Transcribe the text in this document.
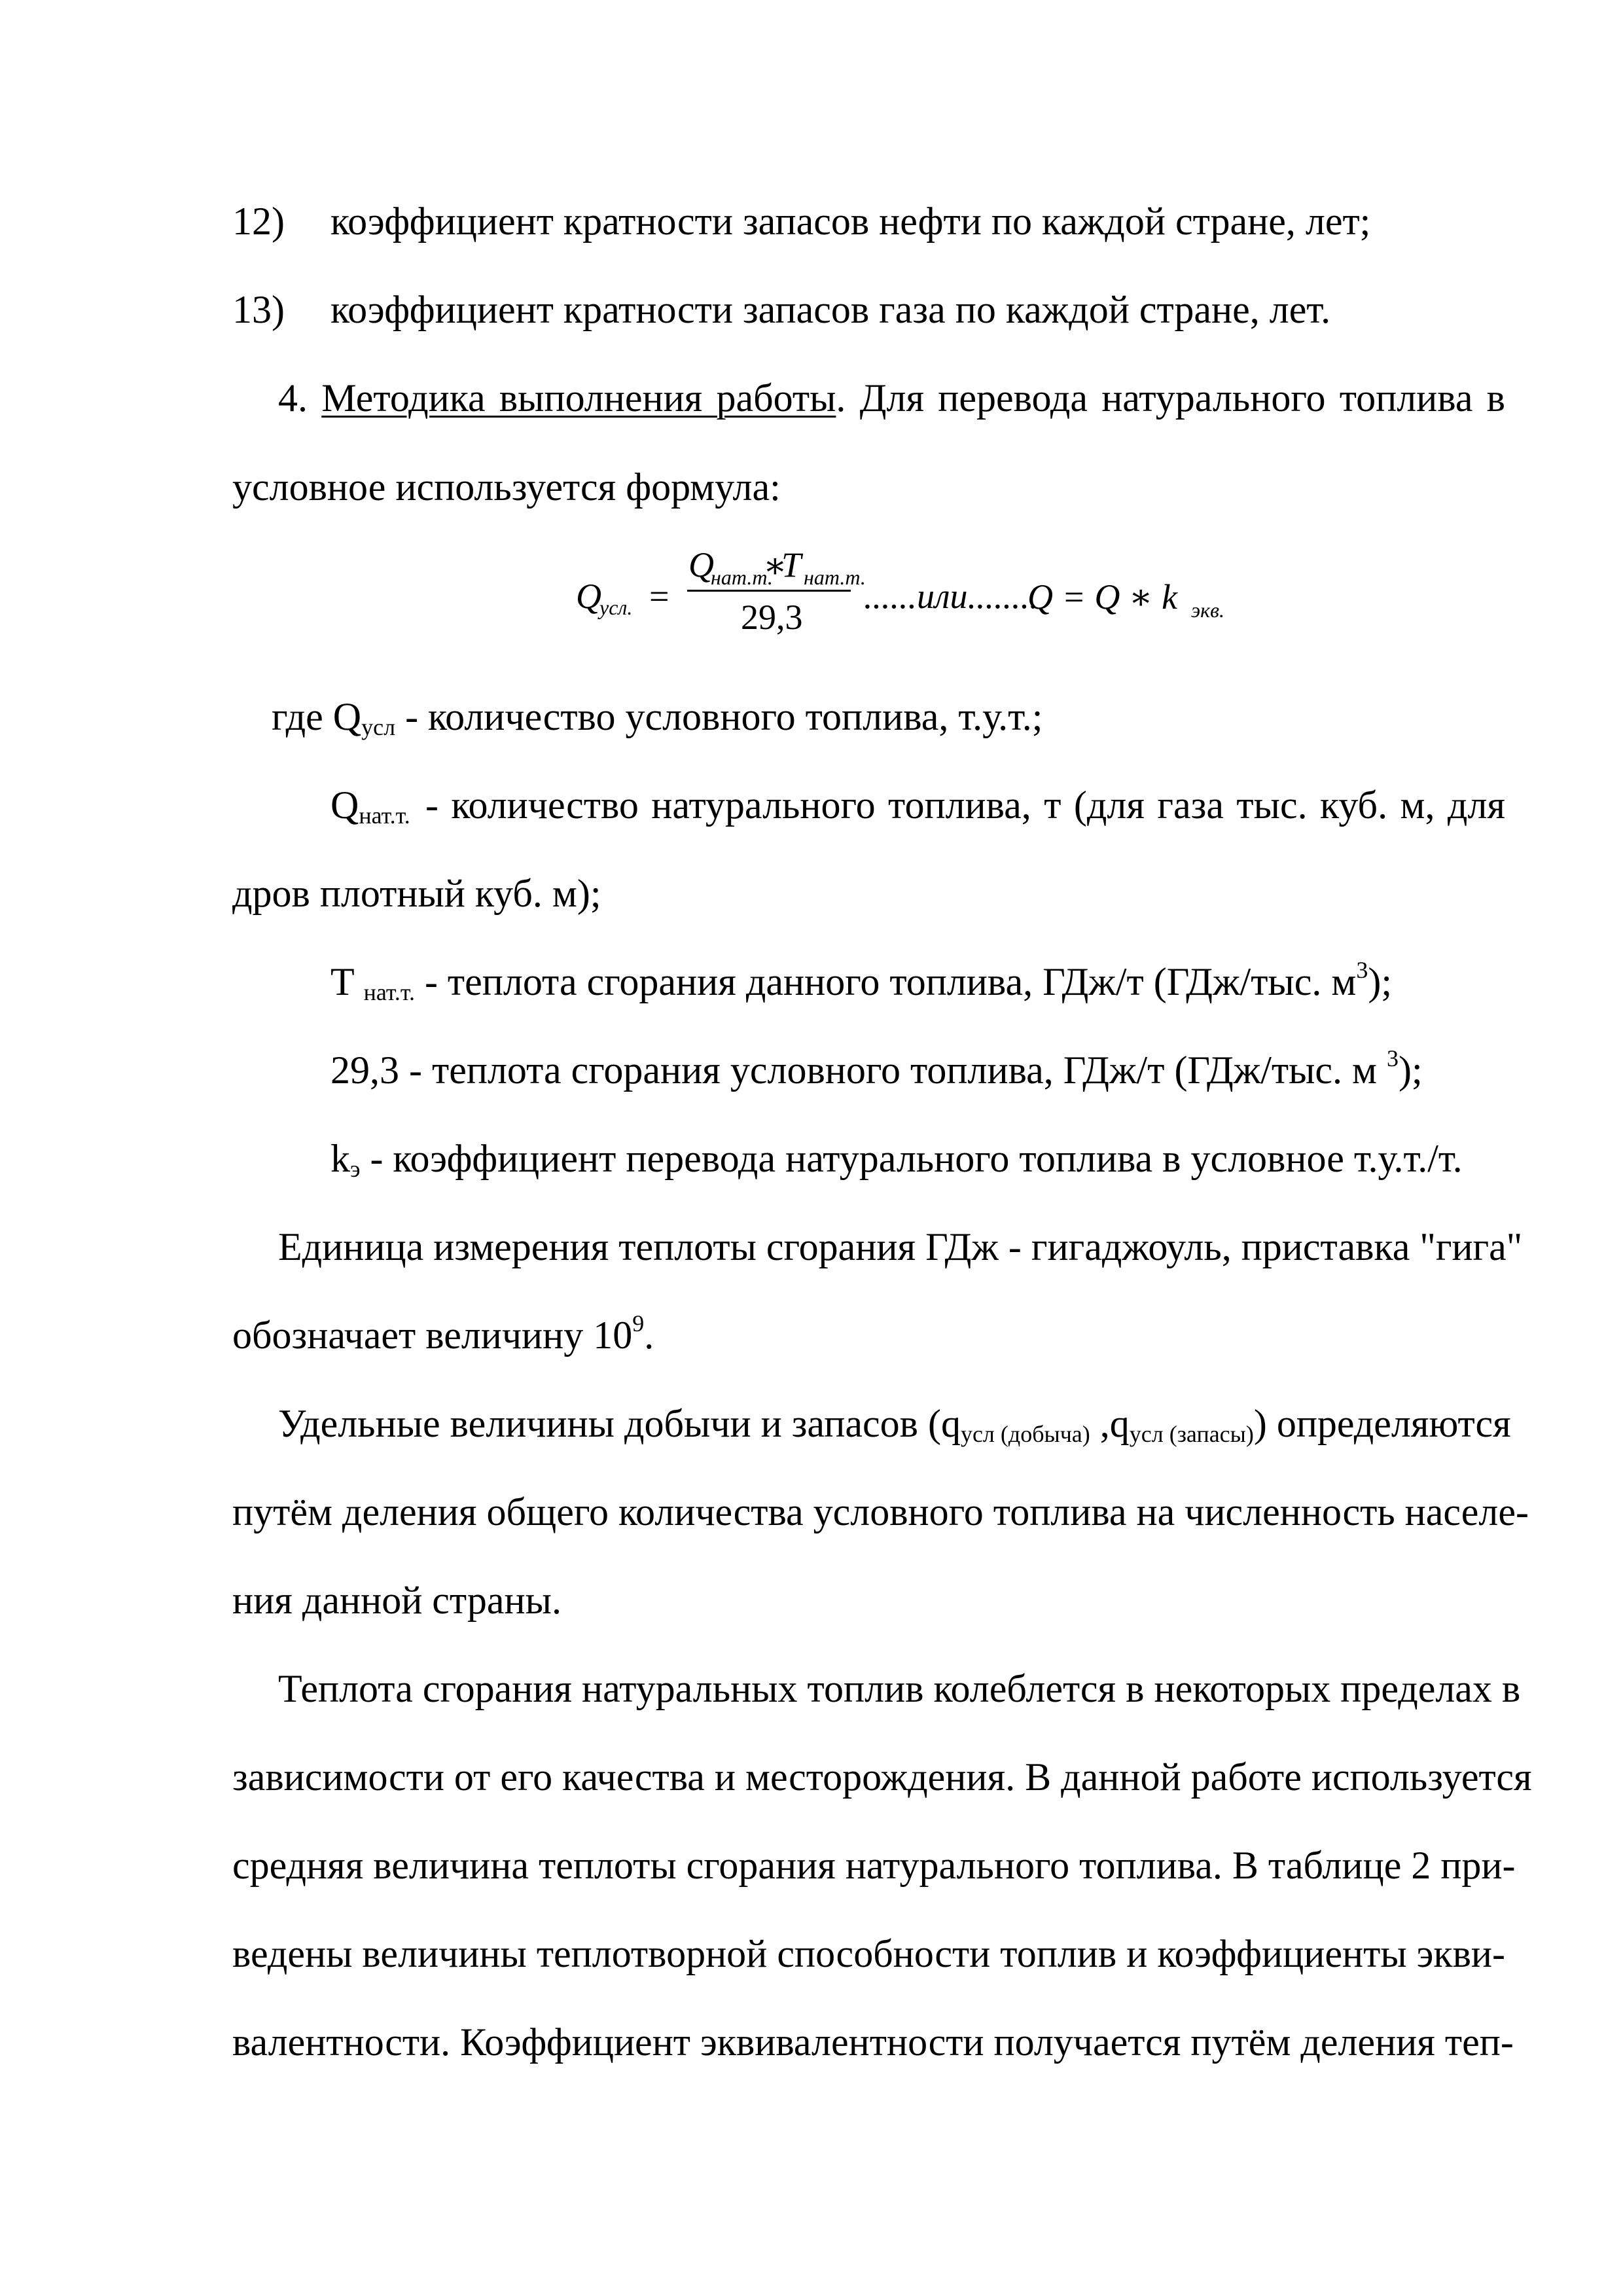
12) коэффициент кратности запасов нефти по каждой стране, лет;
13) коэффициент кратности запасов газа по каждой стране, лет.
4. Методика выполнения работы. Для перевода натурального топлива в
условное используется формула:
Q
усл. =
Q
нат.т.
∗
T нат.т.
29,3
......или........
Q = Q ∗ k экв.
где Qусл - количество условного топлива, т.у.т.;
Qнат.т. - количество натурального топлива, т (для газа тыс. куб. м, для
дров плотный куб. м);
T нат.т. - теплота сгорания данного топлива, ГДж/т (ГДж/тыс. $м^3$);
29,3 - теплота сгорания условного топлива, ГДж/т (ГДж/тыс. м $^3$);
kэ - коэффициент перевода натурального топлива в условное т.у.т./т.
Единица измерения теплоты сгорания ГДж - гигаджоуль, приставка "гига"
обозначает величину $10^9$.
Удельные величины добычи и запасов (qусл (добыча) ,qусл (запасы)) определяются
путём деления общего количества условного топлива на численность населе-
ния данной страны.
Теплота сгорания натуральных топлив колеблется в некоторых пределах в
зависимости от его качества и месторождения. В данной работе используется
средняя величина теплоты сгорания натурального топлива. В таблице 2 при-
ведены величины теплотворной способности топлив и коэффициенты экви-
валентности. Коэффициент эквивалентности получается путём деления теп-
